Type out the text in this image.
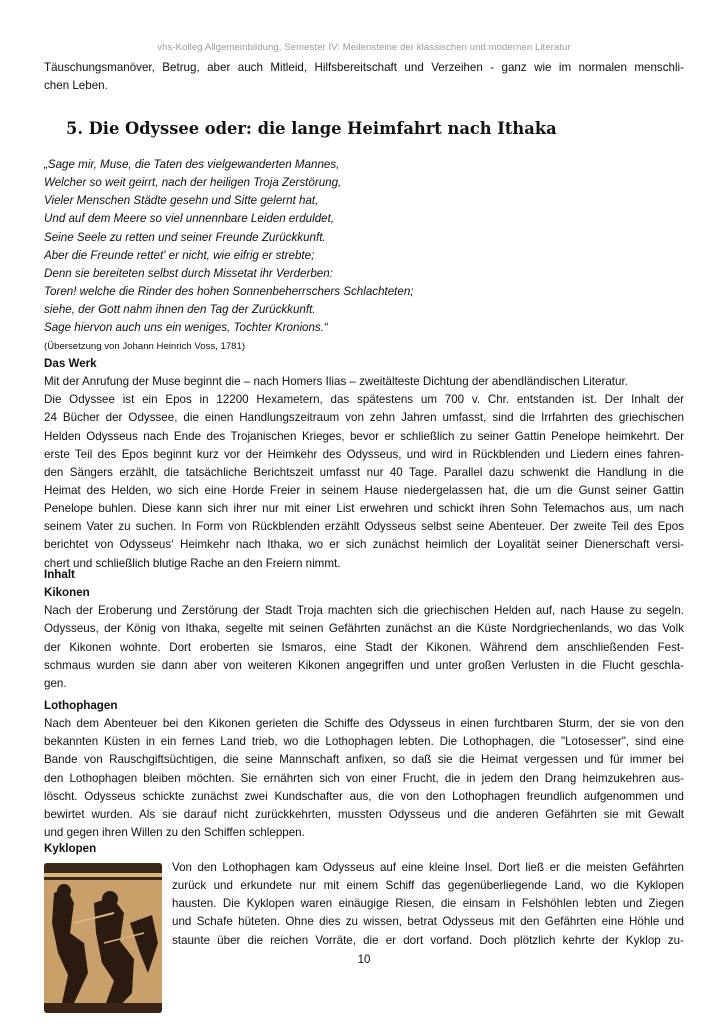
vhs-Kolleg Allgemeinbildung, Semester IV: Meilensteine der klassischen und modernen Literatur
Täuschungsmanöver, Betrug, aber auch Mitleid, Hilfsbereitschaft und Verzeihen - ganz wie im normalen menschli-
chen Leben.
5. Die Odyssee oder: die lange Heimfahrt nach Ithaka
„Sage mir, Muse, die Taten des vielgewanderten Mannes,
Welcher so weit geirrt, nach der heiligen Troja Zerstörung,
Vieler Menschen Städte gesehn und Sitte gelernt hat,
Und auf dem Meere so viel unnennbare Leiden erduldet,
Seine Seele zu retten und seiner Freunde Zurückkunft.
Aber die Freunde rettet' er nicht, wie eifrig er strebte;
Denn sie bereiteten selbst durch Missetat ihr Verderben:
Toren! welche die Rinder des hohen Sonnenbeherrschers Schlachteten;
siehe, der Gott nahm ihnen den Tag der Zurückkunft.
Sage hiervon auch uns ein weniges, Tochter Kronions.“
(Übersetzung von Johann Heinrich Voss, 1781)
Das Werk
Mit der Anrufung der Muse beginnt die – nach Homers Ilias – zweitälteste Dichtung der abendländischen Literatur.
Die Odyssee ist ein Epos in 12200 Hexametern, das spätestens um 700 v. Chr. entstanden ist. Der Inhalt der
24 Bücher der Odyssee, die einen Handlungszeitraum von zehn Jahren umfasst, sind die Irrfahrten des griechischen
Helden Odysseus nach Ende des Trojanischen Krieges, bevor er schließlich zu seiner Gattin Penelope heimkehrt. Der
erste Teil des Epos beginnt kurz vor der Heimkehr des Odysseus, und wird in Rückblenden und Liedern eines fahren-
den Sängers erzählt, die tatsächliche Berichtszeit umfasst nur 40 Tage. Parallel dazu schwenkt die Handlung in die
Heimat des Helden, wo sich eine Horde Freier in seinem Hause niedergelassen hat, die um die Gunst seiner Gattin
Penelope buhlen. Diese kann sich ihrer nur mit einer List erwehren und schickt ihren Sohn Telemachos aus, um nach
seinem Vater zu suchen. In Form von Rückblenden erzählt Odysseus selbst seine Abenteuer. Der zweite Teil des Epos
berichtet von Odysseus‘ Heimkehr nach Ithaka, wo er sich zunächst heimlich der Loyalität seiner Dienerschaft versi-
chert und schließlich blutige Rache an den Freiern nimmt.
Inhalt
Kikonen
Nach der Eroberung und Zerstörung der Stadt Troja machten sich die griechischen Helden auf, nach Hause zu segeln.
Odysseus, der König von Ithaka, segelte mit seinen Gefährten zunächst an die Küste Nordgriechenlands, wo das Volk
der Kikonen wohnte. Dort eroberten sie Ismaros, eine Stadt der Kikonen. Während dem anschließenden Fest-
schmaus wurden sie dann aber von weiteren Kikonen angegriffen und unter großen Verlusten in die Flucht geschla-
gen.
Lothophagen
Nach dem Abenteuer bei den Kikonen gerieten die Schiffe des Odysseus in einen furchtbaren Sturm, der sie von den
bekannten Küsten in ein fernes Land trieb, wo die Lothophagen lebten. Die Lothophagen, die "Lotosesser", sind eine
Bande von Rauschgiftsüchtigen, die seine Mannschaft anfixen, so daß sie die Heimat vergessen und für immer bei
den Lothophagen bleiben möchten. Sie ernährten sich von einer Frucht, die in jedem den Drang heimzukehren aus-
löscht. Odysseus schickte zunächst zwei Kundschafter aus, die von den Lothophagen freundlich aufgenommen und
bewirtet wurden. Als sie darauf nicht zurückkehrten, mussten Odysseus und die anderen Gefährten sie mit Gewalt
und gegen ihren Willen zu den Schiffen schleppen.
Kyklopen
Von den Lothophagen kam Odysseus auf eine kleine Insel. Dort ließ er die meisten Gefährten
zurück und erkundete nur mit einem Schiff das gegenüberliegende Land, wo die Kyklopen
hausten. Die Kyklopen waren einäugige Riesen, die einsam in Felshöhlen lebten und Ziegen
und Schafe hüteten. Ohne dies zu wissen, betrat Odysseus mit den Gefährten eine Höhle und
staunte über die reichen Vorräte, die er dort vorfand. Doch plötzlich kehrte der Kyklop zu-
10
